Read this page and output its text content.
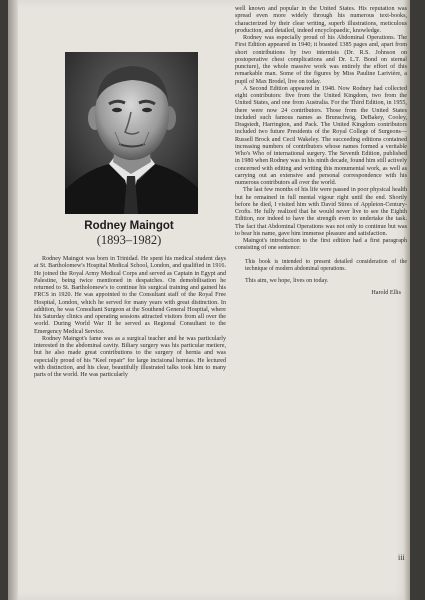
Rodney Maingot
(1893–1982)

Rodney Maingot was born in Trinidad. He spent his medical student days at St. Bartholomew's Hospital Medical School, London, and qualified in 1916. He joined the Royal Army Medical Corps and served as Captain in Egypt and Palestine, being twice mentioned in despatches. On demobilisation he returned to St. Bartholomew's to continue his surgical training and gained his FRCS in 1920. He was appointed to the Consultant staff of the Royal Free Hospital, London, which he served for many years with great distinction. In addition, he was Consultant Surgeon at the Southend General Hospital, where his Saturday clinics and operating sessions attracted visitors from all over the world. During World War II he served as Regional Consultant to the Emergency Medical Service.

Rodney Maingot's fame was as a surgical teacher and he was particularly interested in the abdominal cavity. Biliary surgery was his particular metiere, but he also made great contributions to the surgery of hernia and was especially proud of his "Keel repair" for large incisional hernias. He lectured with distinction, and his clear, beautifully illustrated talks took him to many parts of the world. He was particularly

well known and popular in the United States. His reputation was spread even more widely through his numerous text-books, characterized by their clear writing, superb illustrations, meticulous production, and detailed, indeed encyclopaedic, knowledge.

Rodney was especially proud of his Abdominal Operations. The First Edition appeared in 1940; it boasted 1385 pages and, apart from short contributions by two internists (Dr. R.S. Johnson on postoperative chest complications and Dr. L.T. Bond on sternal puncture), the whole massive work was entirely the effort of this remarkable man. Some of the figures by Miss Pauline Larivière, a pupil of Max Brodel, live on today.

A Second Edition appeared in 1948. Now Rodney had collected eight contributors: five from the United Kingdom, two from the United States, and one from Australia. For the Third Edition, in 1955, there were now 24 contributors. Those from the United States included such famous names as Brunschwig, DeBakey, Cooley, Dragstedt, Harrington, and Pack. The United Kingdom contributors included two future Presidents of the Royal College of Surgeons—Russell Brock and Cecil Wakeley. The succeeding editions contained increasing numbers of contributors whose names formed a veritable Who's Who of international surgery. The Seventh Edition, published in 1980 when Rodney was in his ninth decade, found him still actively concerned with editing and writing this monumental work, as well as carrying out an extensive and personal correspondence with his numerous contributors all over the world.

The last few months of his life were passed in poor physical health but he remained in full mental vigour right until the end. Shortly before he died, I visited him with David Stires of Appleton-Century-Crofts. He fully realized that he would never live to see the Eighth Edition, nor indeed to have the strength even to undertake the task. The fact that Abdominal Operations was not only to continue but was to bear his name, gave him immense pleasure and satisfaction.

Maingot's introduction to the first edition had a first paragraph consisting of one sentence:

This book is intended to present detailed consideration of the technique of modern abdominal operations.

This aim, we hope, lives on today.

Harold Ellis

iii
